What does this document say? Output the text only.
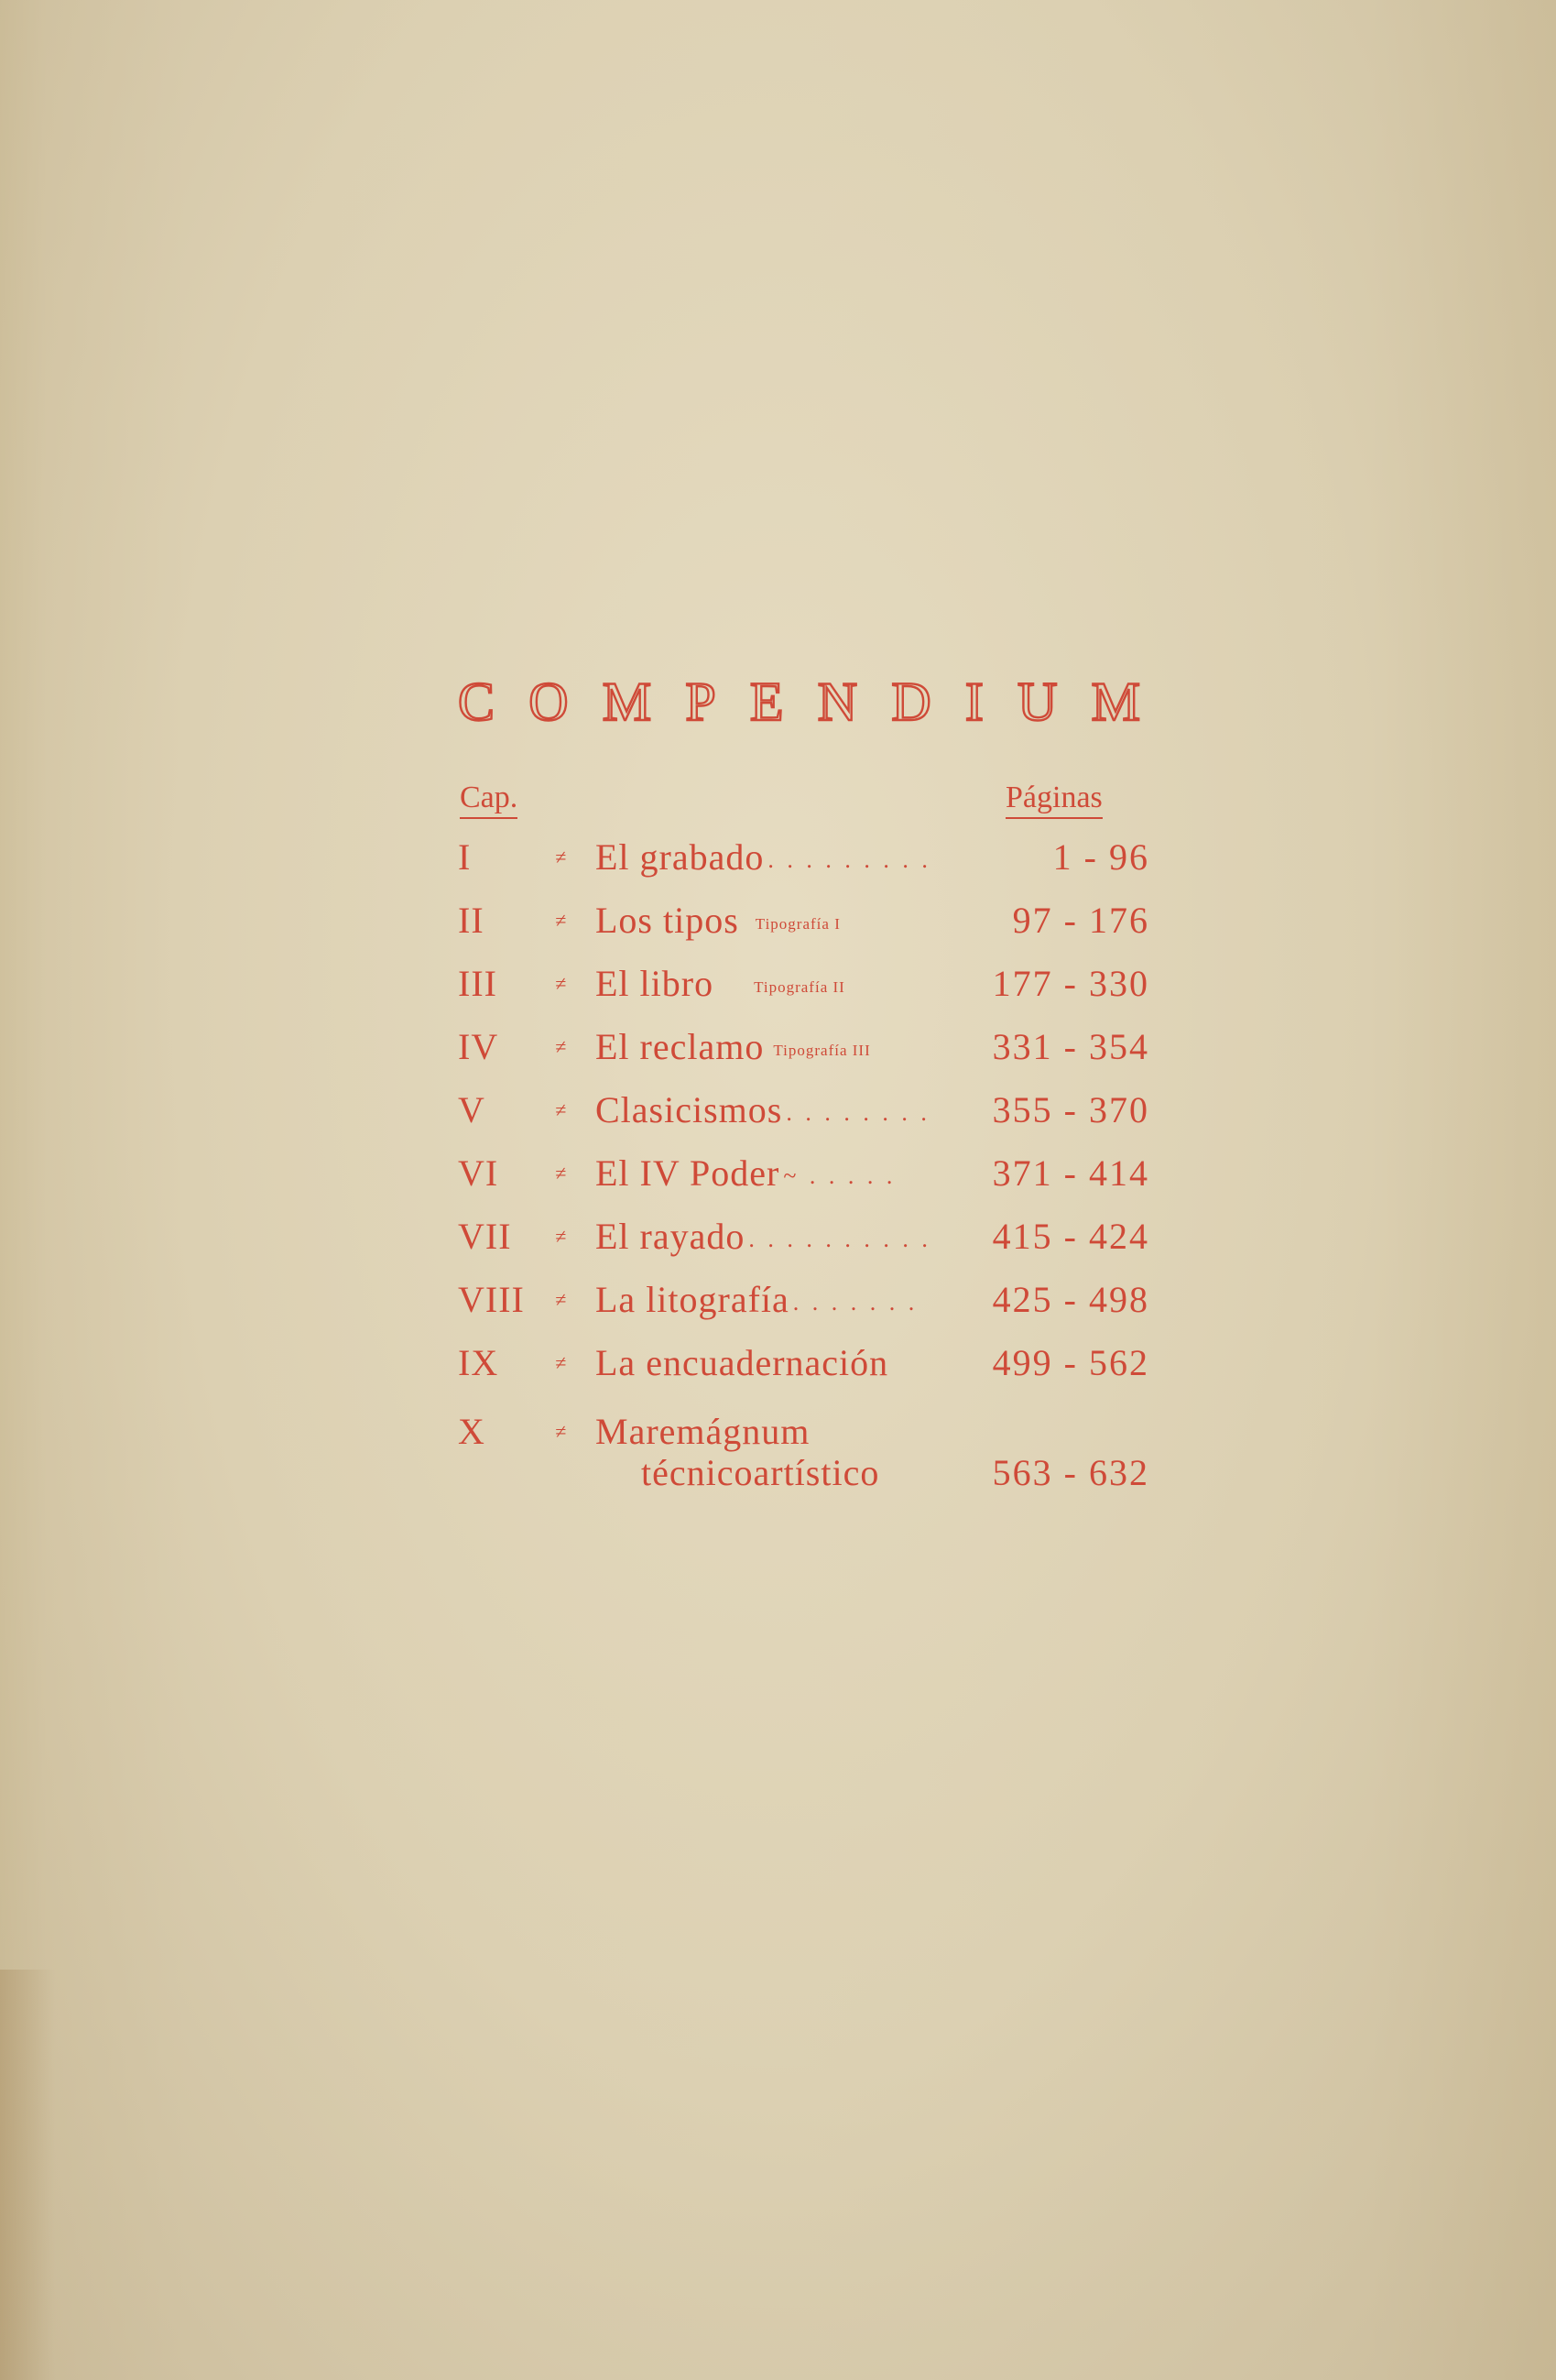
C O M P E N D I U M
Cap.	Páginas
I	≠ El grabado . . . . . . . . .	1 - 96
II	≠ Los tipos $^{Tipografía I}$	97 - 176
III	≠ El libro	$^{Tipografía II}$	177 - 330
IV	≠ El reclamo $^{Tipografía III}$	331 - 354
V	≠ Clasicismos . . . . . . . . 355 - 370
VI	≠ El IV Poder ~ . . . . .	371 - 414
VII ≠ El rayado . . . . . . . . . . 415 - 424
VIII ≠ La litografía . . . . . . . 425 - 498
IX	≠ La encuadernación	499 - 562
X	≠ Maremágnum
técnicoartístico	563 - 632
